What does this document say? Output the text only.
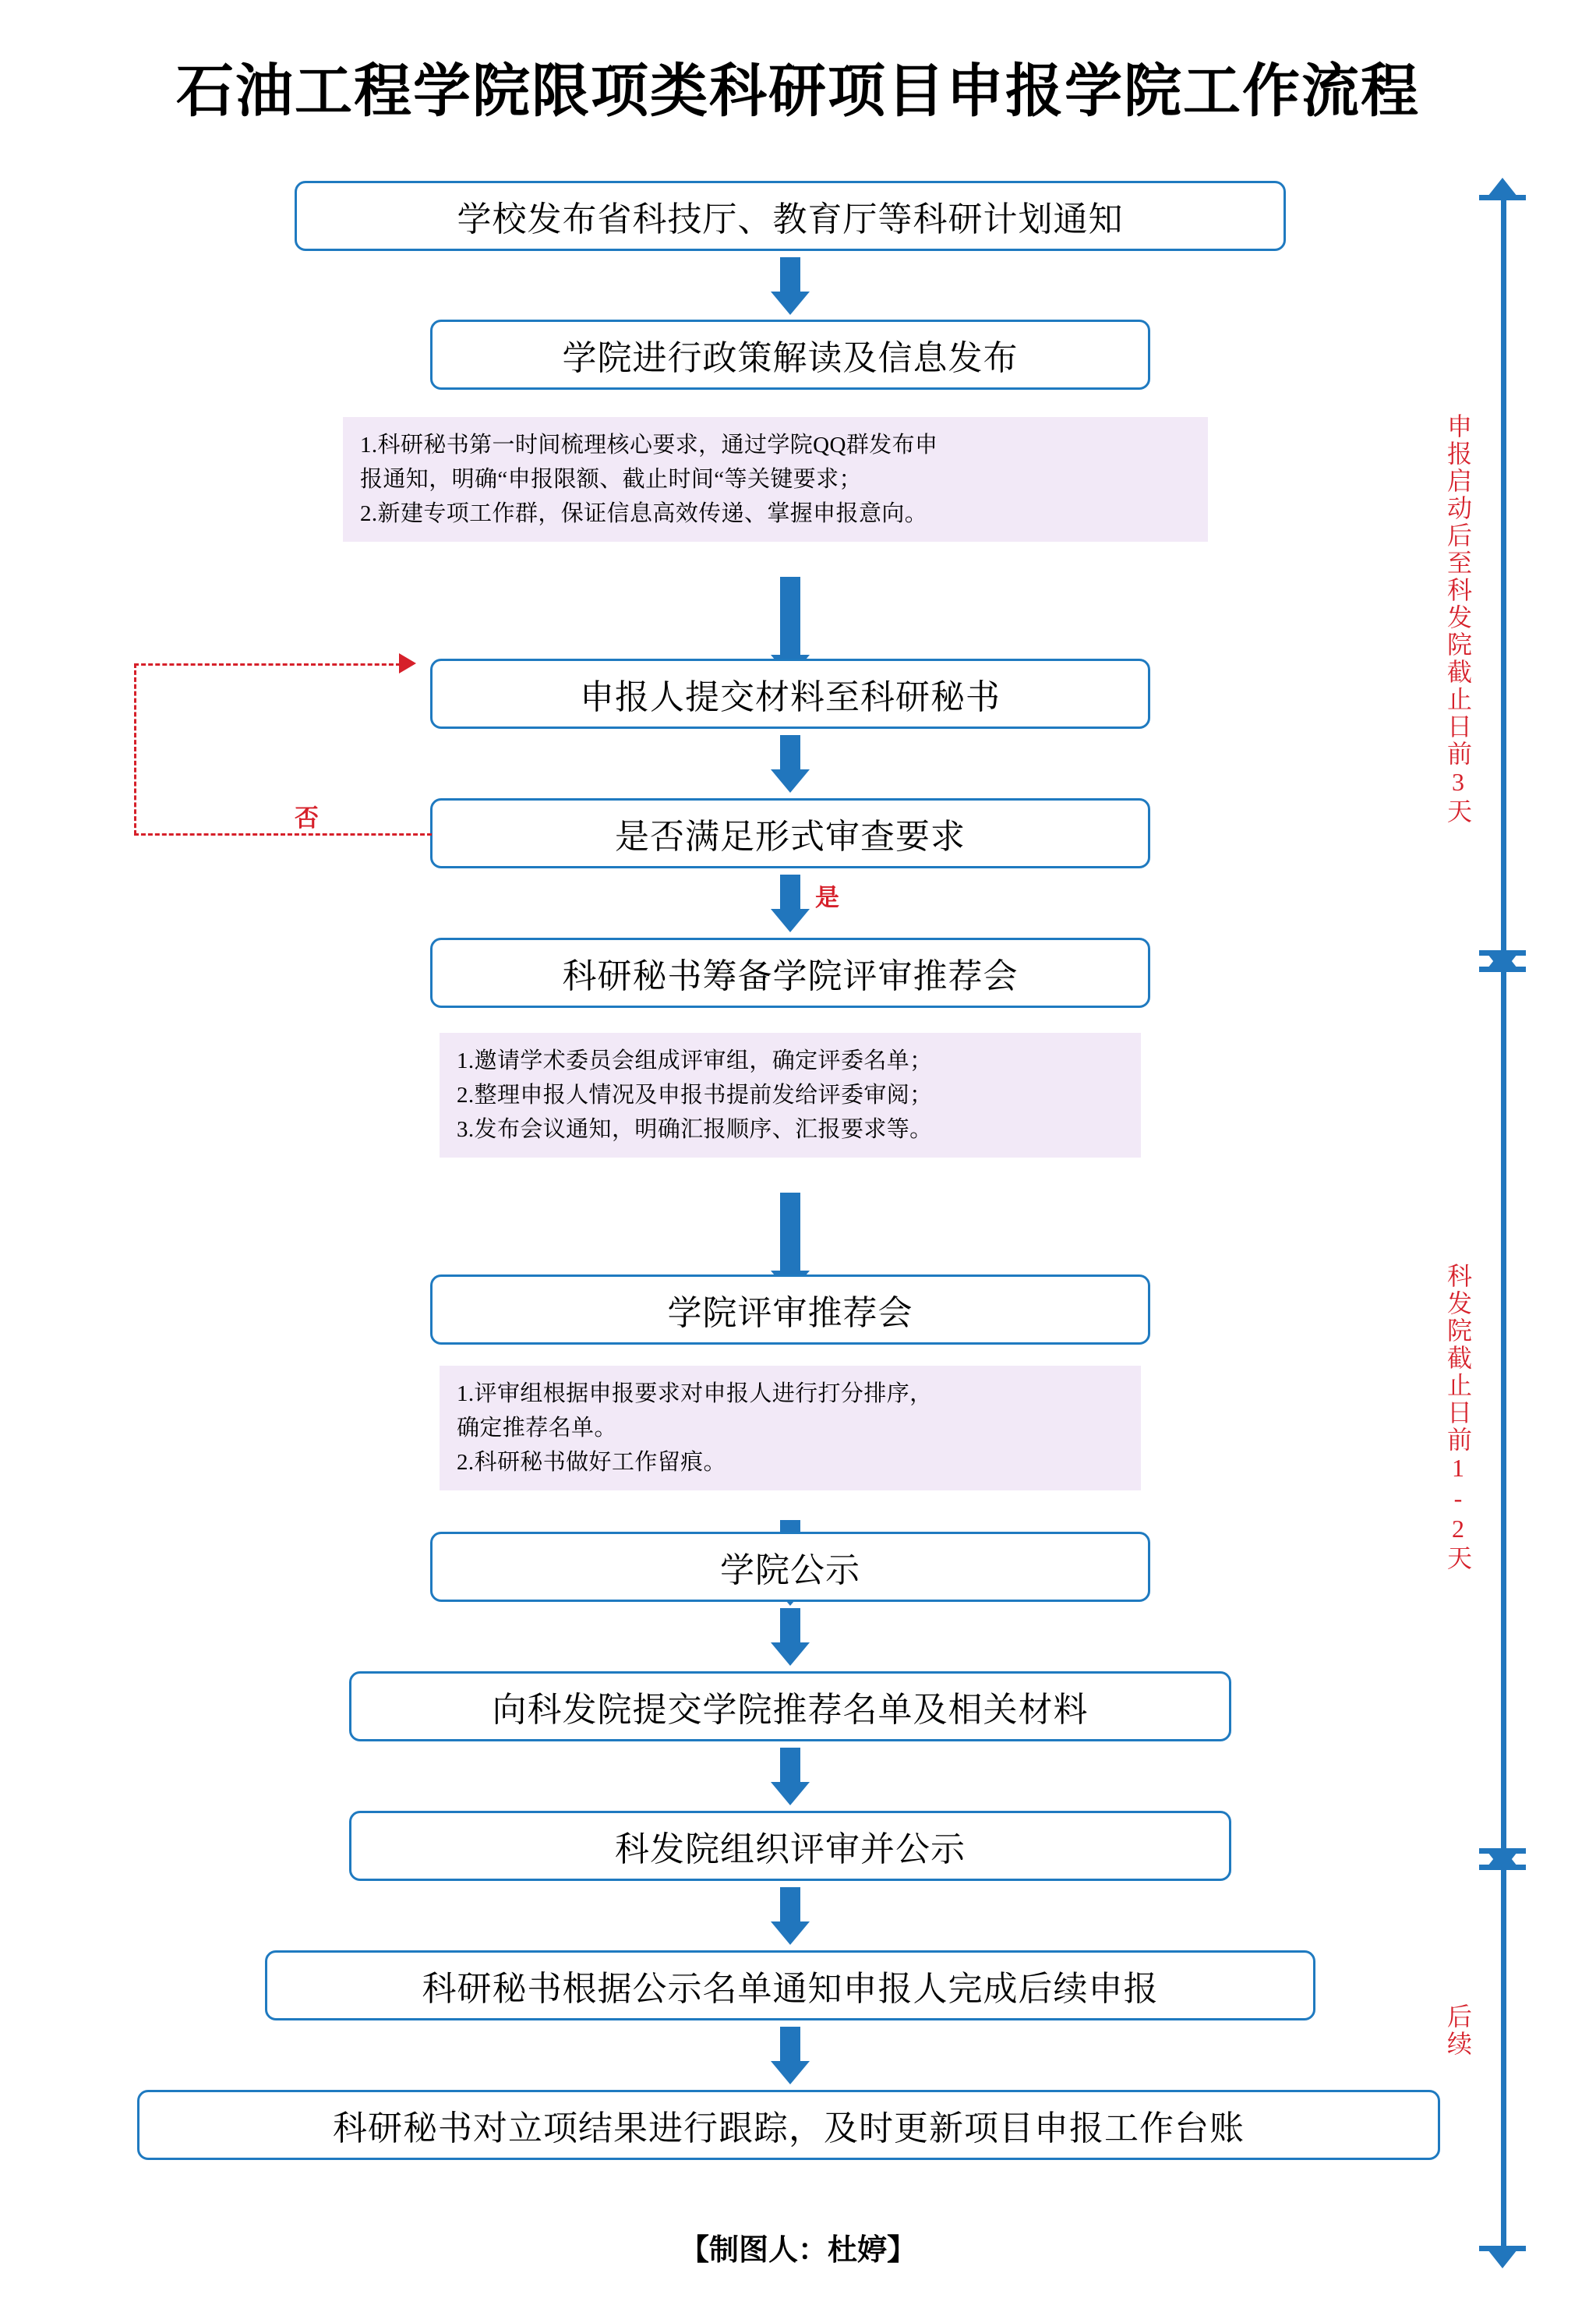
石油工程学院限项类科研项目申报学院工作流程
学校发布省科技厅、教育厅等科研计划通知
学院进行政策解读及信息发布
1.科研秘书第一时间梳理核心要求，通过学院QQ群发布申
报通知，明确“申报限额、截止时间“等关键要求；
2.新建专项工作群，保证信息高效传递、掌握申报意向。
申报人提交材料至科研秘书
是否满足形式审查要求
是
否
科研秘书筹备学院评审推荐会
1.邀请学术委员会组成评审组，确定评委名单；
2.整理申报人情况及申报书提前发给评委审阅；
3.发布会议通知，明确汇报顺序、汇报要求等。
学院评审推荐会
1.评审组根据申报要求对申报人进行打分排序，
确定推荐名单。
2.科研秘书做好工作留痕。
学院公示
向科发院提交学院推荐名单及相关材料
科发院组织评审并公示
科研秘书根据公示名单通知申报人完成后续申报
科研秘书对立项结果进行跟踪，及时更新项目申报工作台账
申报启动后至科发院截止日前3天
科发院截止日前1-2天
后续
【制图人：杜婷】
